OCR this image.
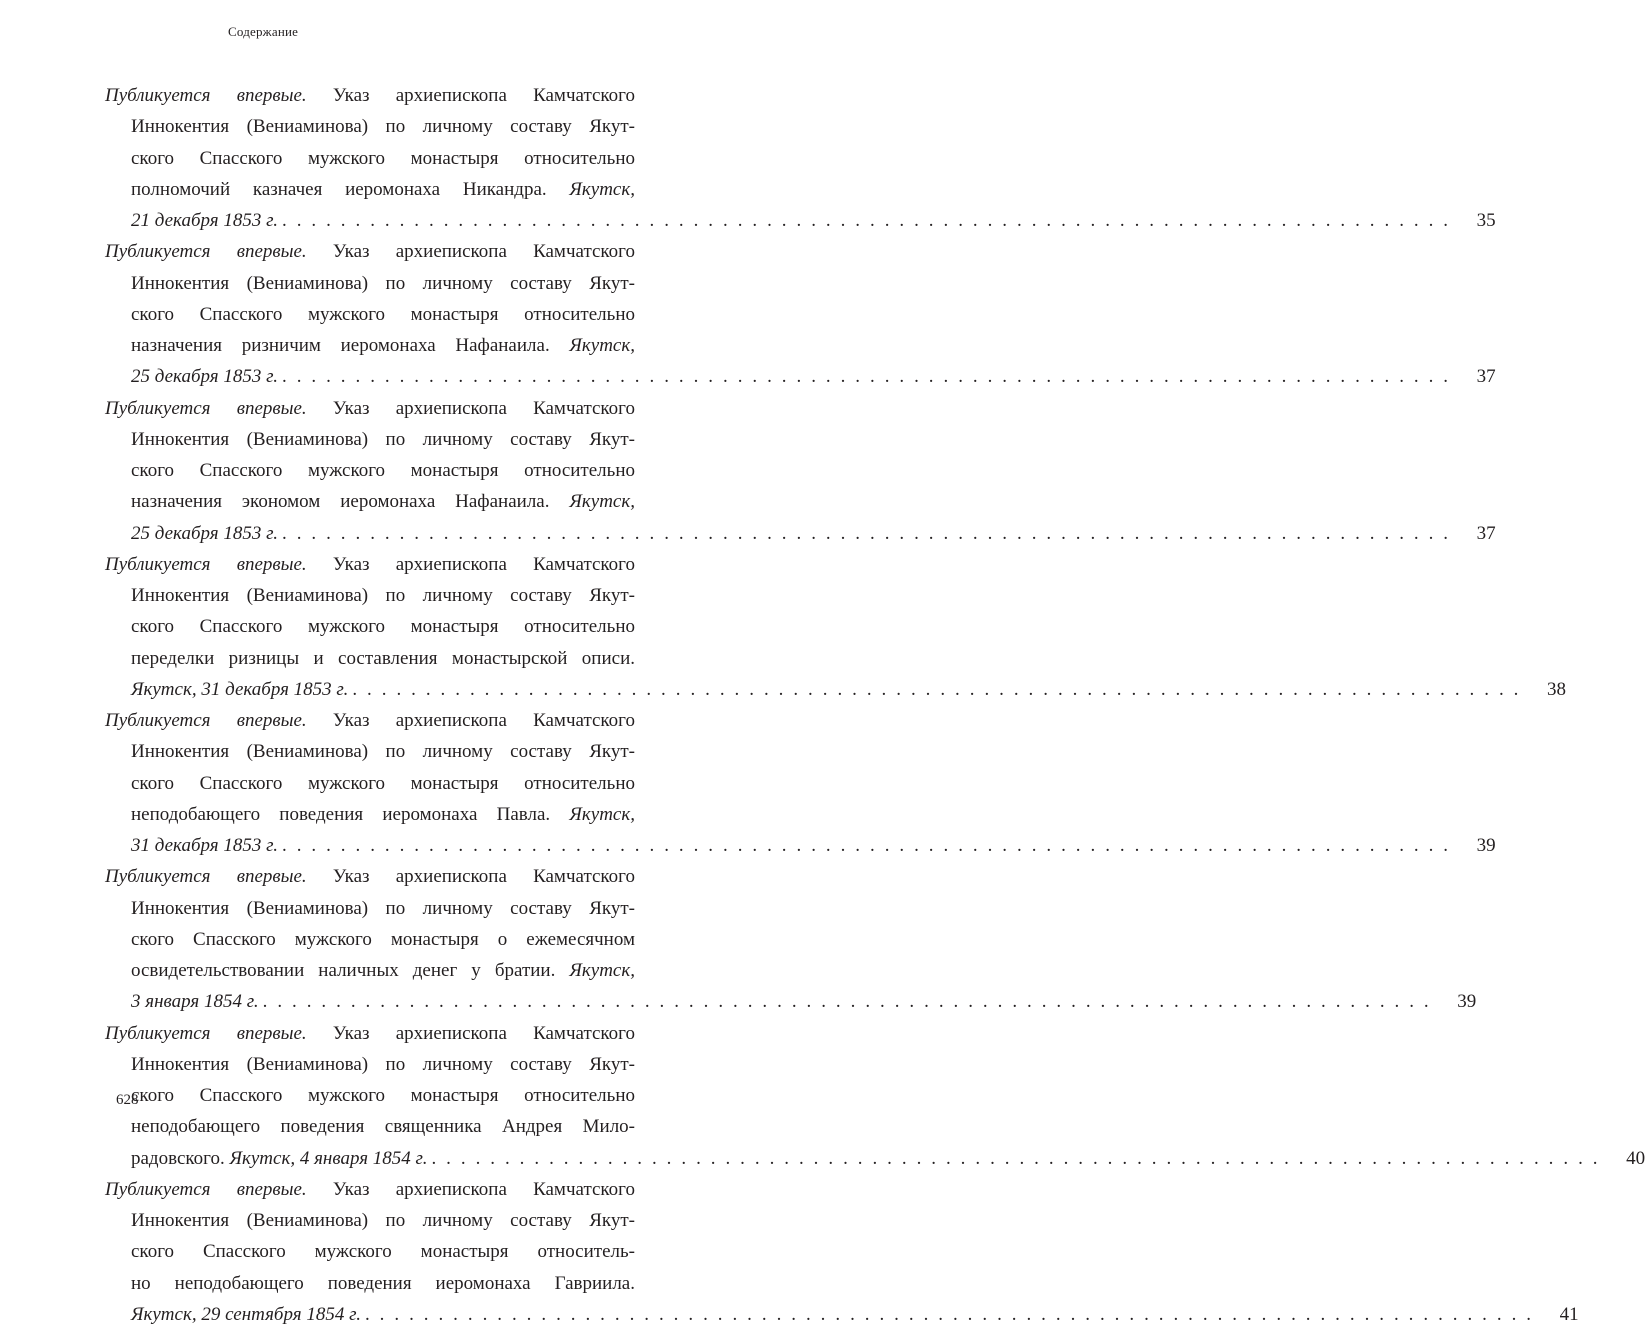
Содержание
Публикуется впервые. Указ архиепископа Камчатского
Иннокентия (Вениаминова) по личному составу Якут-
ского Спасского мужского монастыря относительно
полномочий казначея иеромонаха Никандра. Якутск,
21 декабря 1853 г. . . . . . . . . . . . . . . . . . . . . . . . . . . . . . . . . . . . . . . . . . . . . . . . . . . . . . . . . . . . . . . . . . . . . . . . . . . . . . . . . 35
Публикуется впервые. Указ архиепископа Камчатского
Иннокентия (Вениаминова) по личному составу Якут-
ского Спасского мужского монастыря относительно
назначения ризничим иеромонаха Нафанаила. Якутск,
25 декабря 1853 г. . . . . . . . . . . . . . . . . . . . . . . . . . . . . . . . . . . . . . . . . . . . . . . . . . . . . . . . . . . . . . . . . . . . . . . . . . . . . . . . . 37
Публикуется впервые. Указ архиепископа Камчатского
Иннокентия (Вениаминова) по личному составу Якут-
ского Спасского мужского монастыря относительно
назначения экономом иеромонаха Нафанаила. Якутск,
25 декабря 1853 г. . . . . . . . . . . . . . . . . . . . . . . . . . . . . . . . . . . . . . . . . . . . . . . . . . . . . . . . . . . . . . . . . . . . . . . . . . . . . . . . . 37
Публикуется впервые. Указ архиепископа Камчатского
Иннокентия (Вениаминова) по личному составу Якут-
ского Спасского мужского монастыря относительно
переделки ризницы и составления монастырской описи.
Якутск, 31 декабря 1853 г. . . . . . . . . . . . . . . . . . . . . . . . . . . . . . . . . . . . . . . . . . . . . . . . . . . . . . . . . . . . . . . . . . . . . . . . . . . . . . . . . 38
Публикуется впервые. Указ архиепископа Камчатского
Иннокентия (Вениаминова) по личному составу Якут-
ского Спасского мужского монастыря относительно
неподобающего поведения иеромонаха Павла. Якутск,
31 декабря 1853 г. . . . . . . . . . . . . . . . . . . . . . . . . . . . . . . . . . . . . . . . . . . . . . . . . . . . . . . . . . . . . . . . . . . . . . . . . . . . . . . . . 39
Публикуется впервые. Указ архиепископа Камчатского
Иннокентия (Вениаминова) по личному составу Якут-
ского Спасского мужского монастыря о ежемесячном
освидетельствовании наличных денег у братии. Якутск,
3 января 1854 г. . . . . . . . . . . . . . . . . . . . . . . . . . . . . . . . . . . . . . . . . . . . . . . . . . . . . . . . . . . . . . . . . . . . . . . . . . . . . . . . . 39
Публикуется впервые. Указ архиепископа Камчатского
Иннокентия (Вениаминова) по личному составу Якут-
ского Спасского мужского монастыря относительно
неподобающего поведения священника Андрея Мило-
радовского. Якутск, 4 января 1854 г. . . . . . . . . . . . . . . . . . . . . . . . . . . . . . . . . . . . . . . . . . . . . . . . . . . . . . . . . . . . . . . . . . . . . . . . . . . . . . . . . 40
Публикуется впервые. Указ архиепископа Камчатского
Иннокентия (Вениаминова) по личному составу Якут-
ского Спасского мужского монастыря относитель-
но неподобающего поведения иеромонаха Гавриила.
Якутск, 29 сентября 1854 г. . . . . . . . . . . . . . . . . . . . . . . . . . . . . . . . . . . . . . . . . . . . . . . . . . . . . . . . . . . . . . . . . . . . . . . . . . . . . . . . . 41
628
